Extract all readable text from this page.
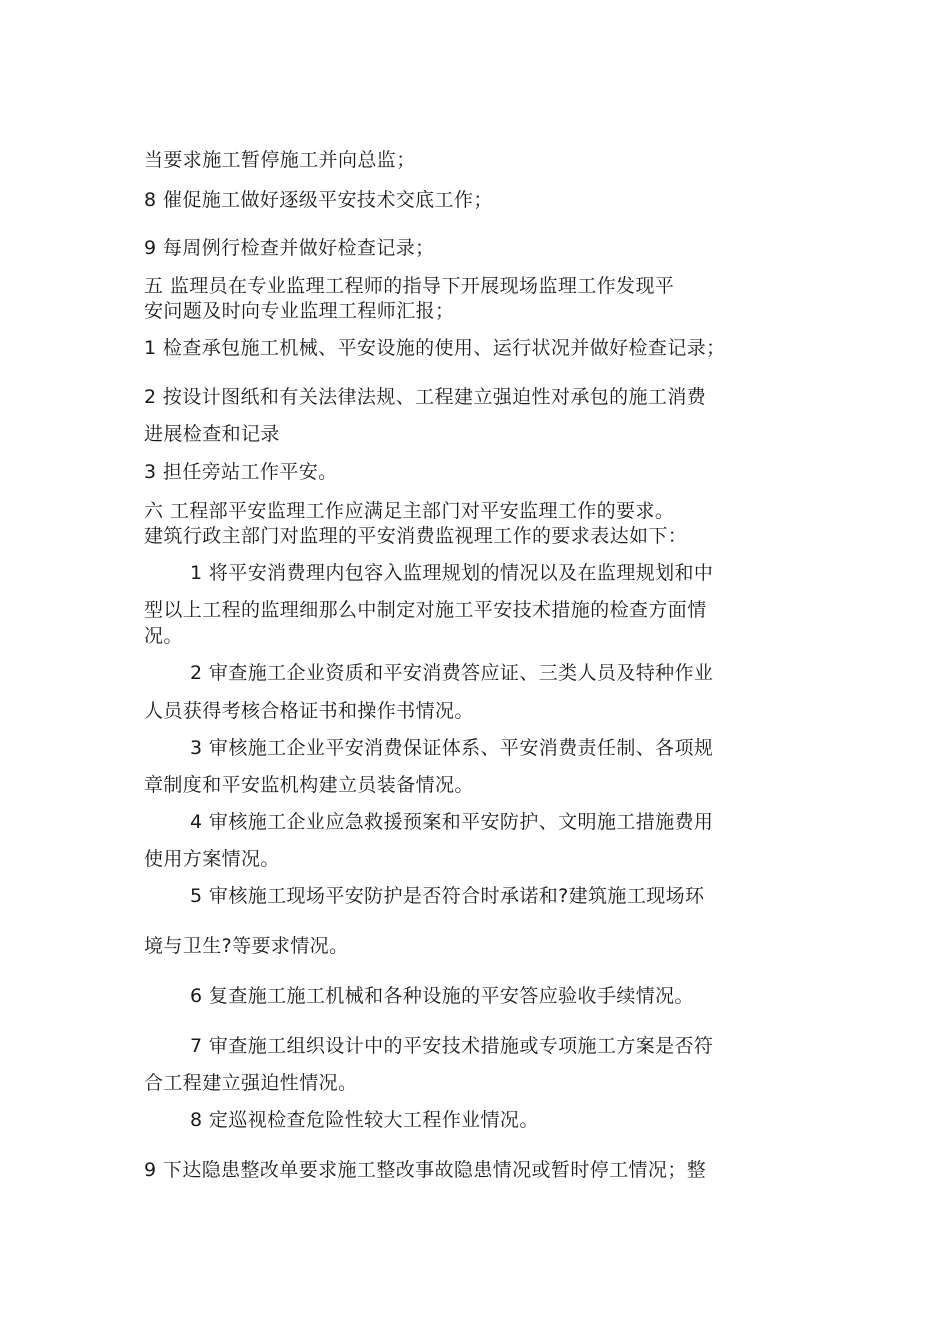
当要求施工暂停施工并向总监；

8 催促施工做好逐级平安技术交底工作；

9 每周例行检查并做好检查记录；

五 监理员在专业监理工程师的指导下开展现场监理工作发现平

安问题及时向专业监理工程师汇报；

1 检查承包施工机械、平安设施的使用、运行状况并做好检查记录；

2 按设计图纸和有关法律法规、工程建立强迫性对承包的施工消费

进展检查和记录

3 担任旁站工作平安。

六 工程部平安监理工作应满足主部门对平安监理工作的要求。

建筑行政主部门对监理的平安消费监视理工作的要求表达如下：

1 将平安消费理内包容入监理规划的情况以及在监理规划和中

型以上工程的监理细那么中制定对施工平安技术措施的检查方面情

况。

2 审查施工企业资质和平安消费答应证、三类人员及特种作业

人员获得考核合格证书和操作书情况。

3 审核施工企业平安消费保证体系、平安消费责任制、各项规

章制度和平安监机构建立员装备情况。

4 审核施工企业应急救援预案和平安防护、文明施工措施费用

使用方案情况。

5 审核施工现场平安防护是否符合时承诺和?建筑施工现场环

境与卫生?等要求情况。

6 复查施工施工机械和各种设施的平安答应验收手续情况。

7 审查施工组织设计中的平安技术措施或专项施工方案是否符

合工程建立强迫性情况。

8 定巡视检查危险性较大工程作业情况。

9 下达隐患整改单要求施工整改事故隐患情况或暂时停工情况；整
